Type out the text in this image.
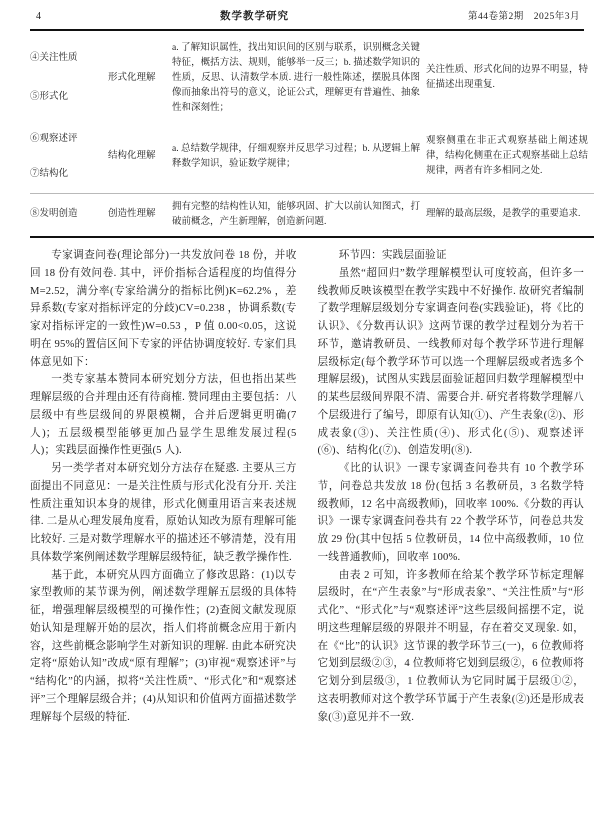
4	数学教学研究	第44卷第2期　2025年3月
④关注性质
⑤形式化	形式化理解	a. 了解知识属性，找出知识间的区别与联系，识别概念关键特征，概括方法、规则，能够举一反三；b. 描述数学知识的性质，反思、认清数学本质. 进行一般性陈述，摆脱具体图像而抽象出符号的意义，论证公式，理解更有普遍性、抽象性和深刻性；	关注性质、形式化间的边界不明显，特征描述出现重复.

⑥观察述评
⑦结构化	结构化理解	a. 总结数学规律，仔细观察并反思学习过程；b. 从逻辑上解释数学知识，验证数学规律；	观察侧重在非正式观察基础上阐述规律，结构化侧重在正式观察基础上总结规律，两者有许多相同之处.

⑧发明创造	创造性理解	拥有完整的结构性认知，能够巩固、扩大以前认知图式，打破前概念，产生新理解，创造新问题.	理解的最高层级，是教学的重要追求.

专家调查问卷(理论部分)一共发放问卷 18 份，并收回 18 份有效问卷. 其中，评价指标合适程度的均值得分 M=2.52，满分率(专家给满分的指标比例)K=62.2% ，差异系数(专家对指标评定的分歧)CV=0.238 ，协调系数(专家对指标评定的一致性)W=0.53 ，P 值 0.00<0.05，这说明在 95%的置信区间下专家的评估协调度较好. 专家们具体意见如下：

一类专家基本赞同本研究划分方法，但也指出某些理解层级的合并理由还有待商榷. 赞同理由主要包括：八层级中有些层级间的界限模糊，合并后逻辑更明确(7 人)；五层级模型能够更加凸显学生思维发展过程(5 人)；实践层面操作性更强(5 人).

另一类学者对本研究划分方法存在疑惑. 主要从三方面提出不同意见：一是关注性质与形式化没有分开. 关注性质注重知识本身的规律，形式化侧重用语言来表述规律. 二是从心理发展角度看，原始认知改为原有理解可能比较好. 三是对数学理解水平的描述还不够清楚，没有用具体数学案例阐述数学理解层级特征，缺乏教学操作性.

基于此，本研究从四方面确立了修改思路：(1)以专家型教师的某节课为例，阐述数学理解五层级的具体特征，增强理解层级模型的可操作性；(2)查阅文献发现原始认知是理解开始的层次，指人们将前概念应用于新内容，这些前概念影响学生对新知识的理解. 由此本研究决定将“原始认知”改成“原有理解”；(3)审视“观察述评”与“结构化”的内涵，拟将“关注性质”、“形式化”和“观察述评”三个理解层级合并；(4)从知识和价值两方面描述数学理解每个层级的特征.

环节四：实践层面验证

虽然“超回归”数学理解模型认可度较高，但许多一线教师反映该模型在教学实践中不好操作. 故研究者编制了数学理解层级划分专家调查问卷(实践验证)，将《比的认识》、《分数再认识》这两节课的教学过程划分为若干环节，邀请教研员、一线教师对每个教学环节进行理解层级标定(每个教学环节可以选一个理解层级或者选多个理解层级)，试图从实践层面验证超回归数学理解模型中的某些层级间界限不清、需要合并. 研究者将数学理解八个层级进行了编号，即原有认知(①)、产生表象(②)、形成表象(③)、关注性质(④)、形式化(⑤)、观察述评(⑥)、结构化(⑦)、创造发明(⑧).

《比的认识》一课专家调查问卷共有 10 个教学环节，问卷总共发放 18 份(包括 3 名教研员，3 名数学特级教师，12 名中高级教师)，回收率 100%.《分数的再认识》一课专家调查问卷共有 22 个教学环节，问卷总共发放 29 份(其中包括 5 位教研员，14 位中高级教师，10 位一线普通教师)，回收率 100%.

由表 2 可知，许多教师在给某个教学环节标定理解层级时，在“产生表象”与“形成表象”、“关注性质”与“形式化”、“形式化”与“观察述评”这些层级间摇摆不定，说明这些理解层级的界限并不明显，存在着交叉现象. 如，在《“比”的认识》这节课的教学环节三(一)，6 位教师将它划到层级②③，4 位教师将它划到层级②，6 位教师将它划分到层级③，1 位教师认为它同时属于层级①②，这表明教师对这个教学环节属于产生表象(②)还是形成表象(③)意见并不一致.
